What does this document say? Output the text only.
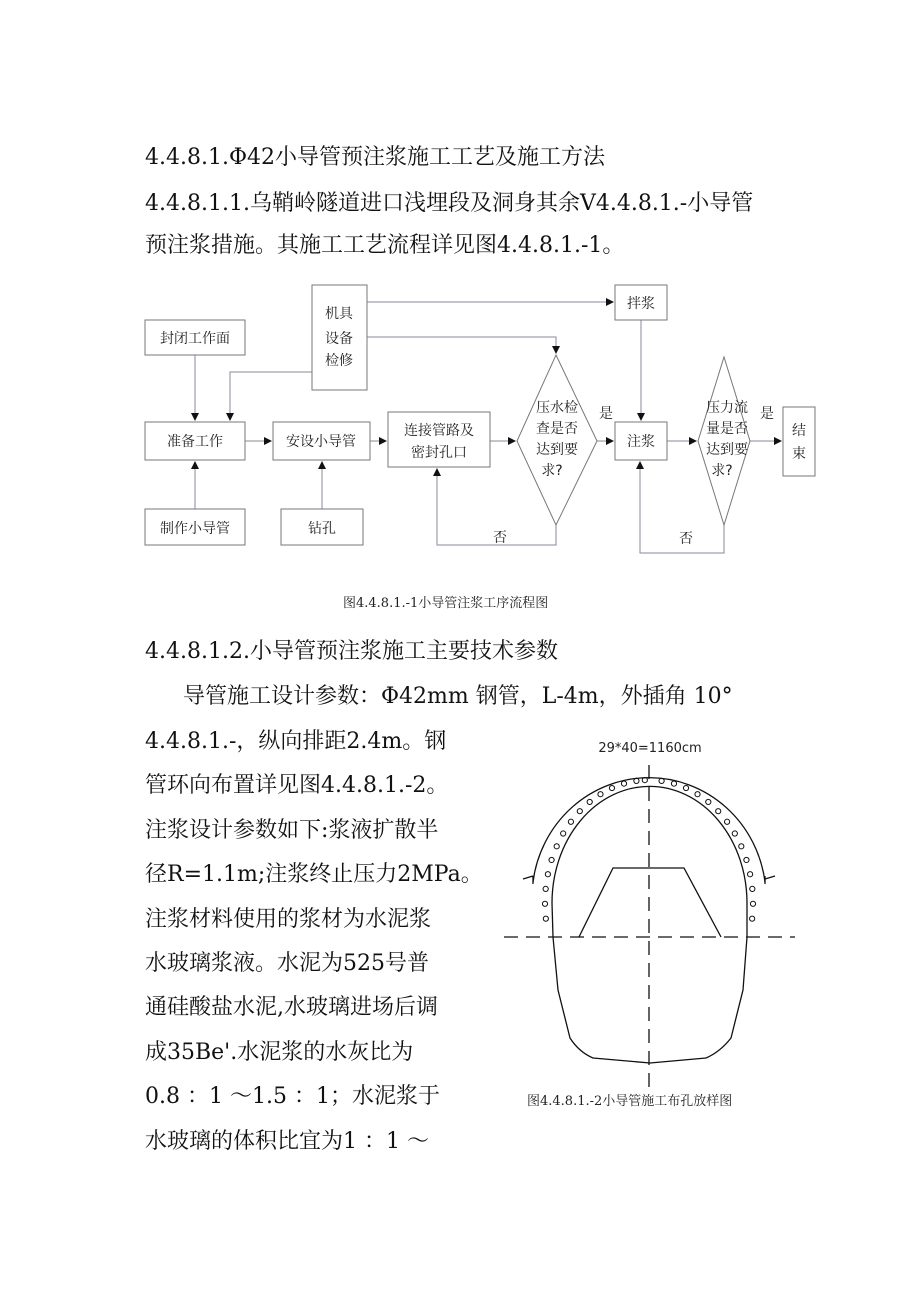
4.4.8.1.Φ42小导管预注浆施工工艺及施工方法
4.4.8.1.1.乌鞘岭隧道进口浅埋段及洞身其余Ⅴ4.4.8.1.-小导管
预注浆措施。其施工工艺流程详见图4.4.8.1.-1。
封闭工作面
机具
设备
检修
拌浆
准备工作	安设小导管
连接管路及
密封孔口
压水检
查是否
达到要
求?
注浆
压力流
量是否
达到要
求?
结
束
制作小导管	钻孔
是	是
否	否
29*40=1160cm
图4.4.8.1.-1小导管注浆工序流程图
4.4.8.1.2.小导管预注浆施工主要技术参数
导管施工设计参数：Φ42mm 钢管，L-4m，外插角 10°
4.4.8.1.-，纵向排距2.4m。钢
管环向布置详见图4.4.8.1.-2。
注浆设计参数如下:浆液扩散半
径R=1.1m;注浆终止压力2MPa。
注浆材料使用的浆材为水泥浆
水玻璃浆液。水泥为525号普
通硅酸盐水泥,水玻璃进场后调
成35Be'.水泥浆的水灰比为
0.8 ：1 ～1.5 ：1；水泥浆于
水玻璃的体积比宜为1 ：1 ～
图4.4.8.1.-2小导管施工布孔放样图
